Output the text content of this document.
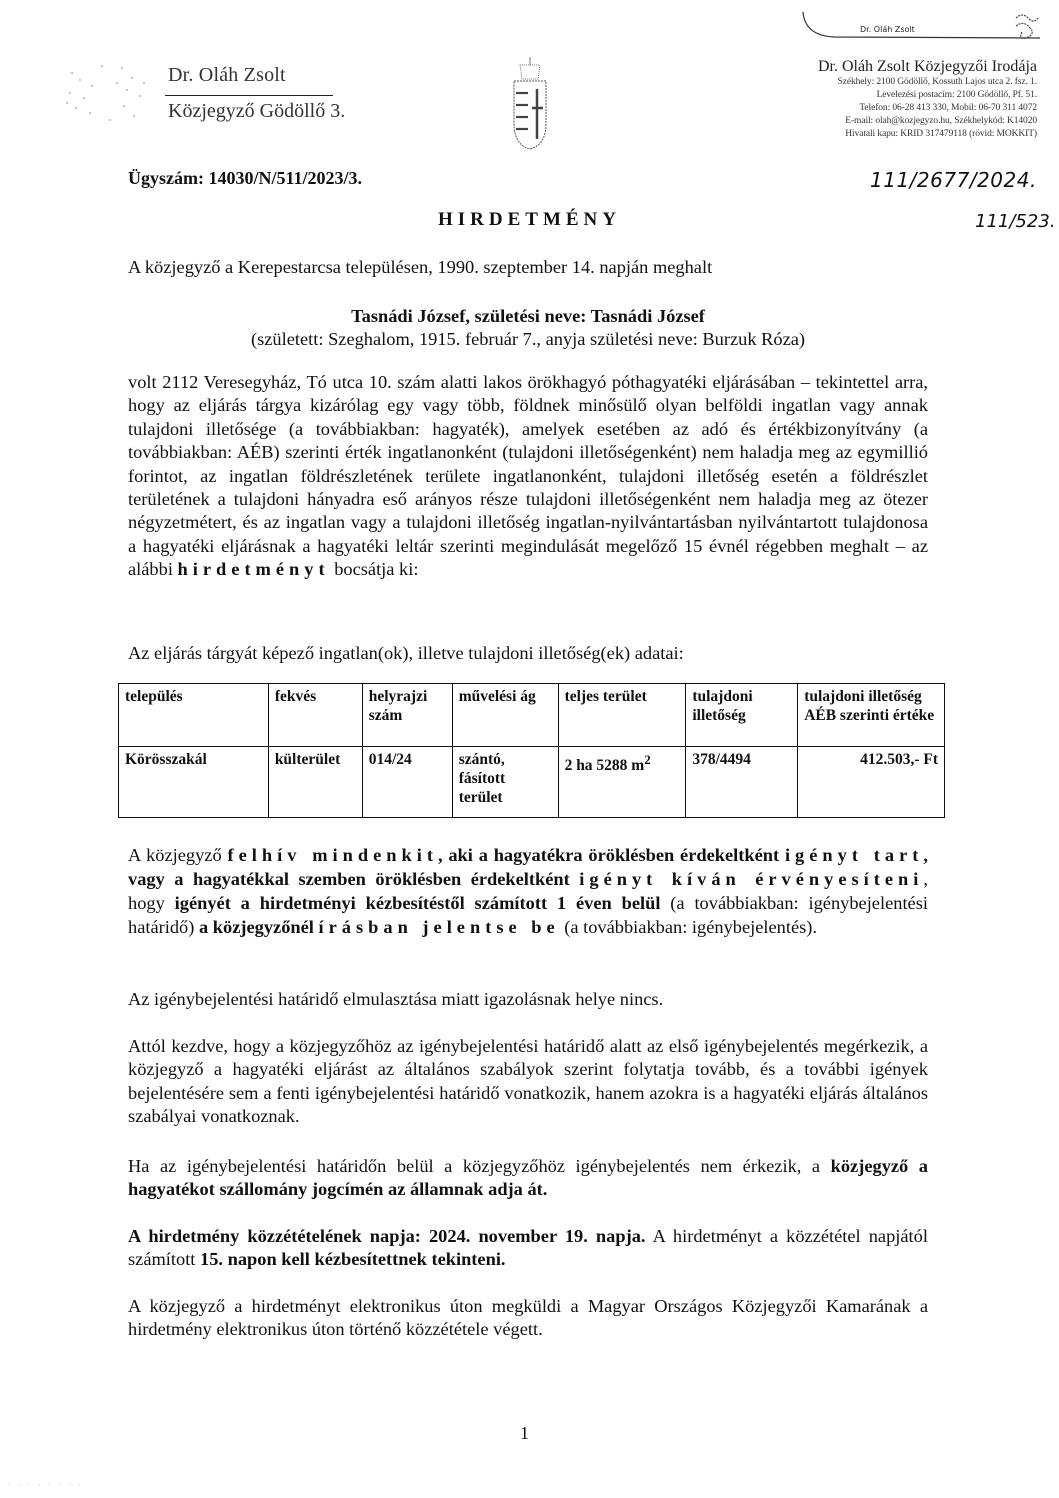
Dr. Oláh Zsolt
Dr. Oláh Zsolt
Közjegyző Gödöllő 3.
Dr. Oláh Zsolt Közjegyzői Irodája
Székhely: 2100 Gödöllő, Kossuth Lajos utca 2. fsz. 1.
Levelezési postacím: 2100 Gödöllő, Pf. 51.
Telefon: 06-28 413 330, Mobil: 06-70 311 4072
E-mail: olah@kozjegyzo.hu, Székhelykód: K14020
Hivatali kapu: KRID 317479118 (rövid: MOKKIT)
Ügyszám: 14030/N/511/2023/3.	111/2677/2024.
111/523.
HIRDETMÉNY
A közjegyző a Kerepestarcsa településen, 1990. szeptember 14. napján meghalt
Tasnádi József, születési neve: Tasnádi József
(született: Szeghalom, 1915. február 7., anyja születési neve: Burzuk Róza)
volt 2112 Veresegyház, Tó utca 10. szám alatti lakos örökhagyó póthagyatéki eljárásában – tekintettel arra, hogy az eljárás tárgya kizárólag egy vagy több, földnek minősülő olyan belföldi ingatlan vagy annak tulajdoni illetősége (a továbbiakban: hagyaték), amelyek esetében az adó és értékbizonyítvány (a továbbiakban: AÉB) szerinti érték ingatlanonként (tulajdoni illetőségenként) nem haladja meg az egymillió forintot, az ingatlan földrészletének területe ingatlanonként, tulajdoni illetőség esetén a földrészlet területének a tulajdoni hányadra eső arányos része tulajdoni illetőségenként nem haladja meg az ötezer négyzetmétert, és az ingatlan vagy a tulajdoni illetőség ingatlan-nyilvántartásban nyilvántartott tulajdonosa a hagyatéki eljárásnak a hagyatéki leltár szerinti megindulását megelőző 15 évnél régebben meghalt – az alábbi hirdetményt bocsátja ki:
Az eljárás tárgyát képező ingatlan(ok), illetve tulajdoni illetőség(ek) adatai:
település	fekvés	helyrajzi szám	művelési ág	teljes terület	tulajdoni illetőség	tulajdoni illetőség AÉB szerinti értéke
Körösszakál	külterület	014/24	szántó, fásított terület	2 ha 5288 $m^2$	378/4494	412.503,- Ft
A közjegyző felhív mindenkit, aki a hagyatékra öröklésben érdekeltként igényt tart, vagy a hagyatékkal szemben öröklésben érdekeltként igényt kíván érvényesíteni, hogy igényét a hirdetményi kézbesítéstől számított 1 éven belül (a továbbiakban: igénybejelentési határidő) a közjegyzőnél írásban jelentse be (a továbbiakban: igénybejelentés).
Az igénybejelentési határidő elmulasztása miatt igazolásnak helye nincs.
Attól kezdve, hogy a közjegyzőhöz az igénybejelentési határidő alatt az első igénybejelentés megérkezik, a közjegyző a hagyatéki eljárást az általános szabályok szerint folytatja tovább, és a további igények bejelentésére sem a fenti igénybejelentési határidő vonatkozik, hanem azokra is a hagyatéki eljárás általános szabályai vonatkoznak.
Ha az igénybejelentési határidőn belül a közjegyzőhöz igénybejelentés nem érkezik, a közjegyző a hagyatékot szállomány jogcímén az államnak adja át.
A hirdetmény közzétételének napja: 2024. november 19. napja. A hirdetményt a közzététel napjától számított 15. napon kell kézbesítettnek tekinteni.
A közjegyző a hirdetményt elektronikus úton megküldi a Magyar Országos Közjegyzői Kamarának a hirdetmény elektronikus úton történő közzététele végett.
1
· · · · · · · ·
